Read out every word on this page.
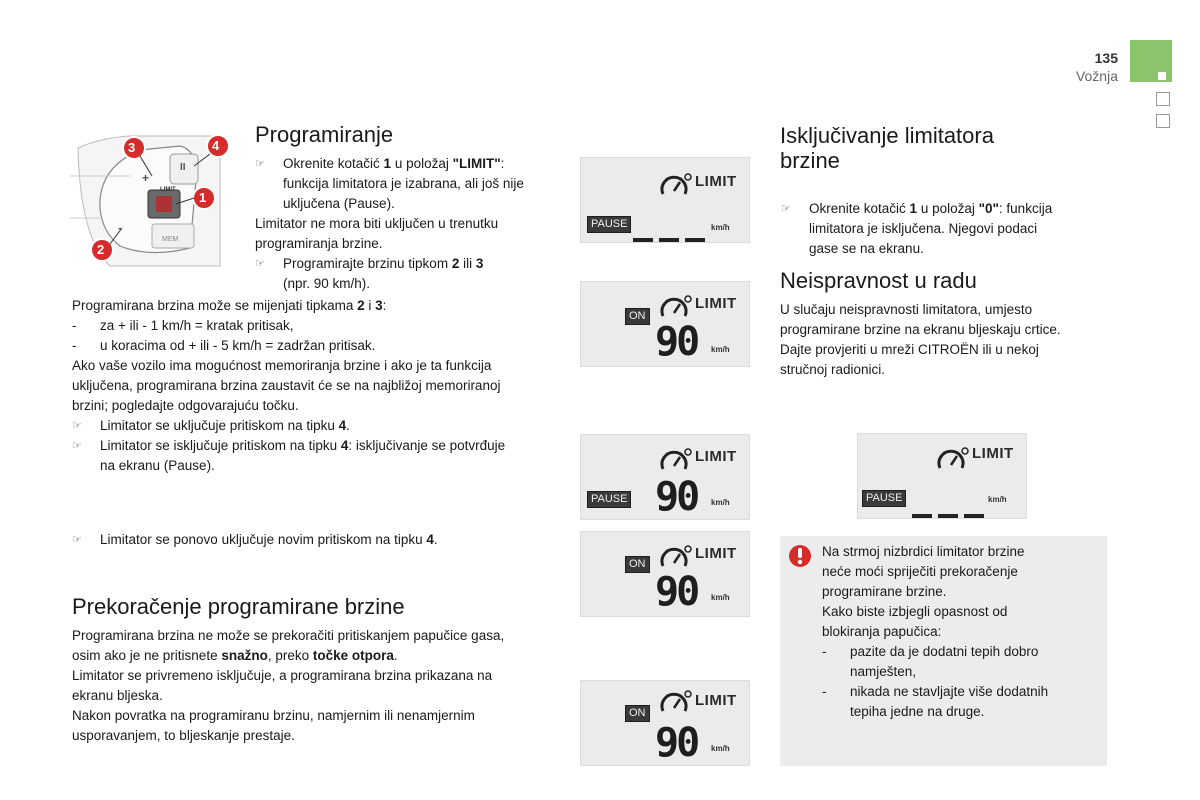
135
Vožnja
3	4
1
2
II
+
LIMIT
-
MEM
Programiranje
☞ Okrenite kotačić 1 u položaj "LIMIT":
funkcija limitatora je izabrana, ali još nije
uključena (Pause).
Limitator ne mora biti uključen u trenutku
programiranja brzine.
☞ Programirajte brzinu tipkom 2 ili 3
(npr. 90 km/h).
Programirana brzina može se mijenjati tipkama 2 i 3:
- za + ili - 1 km/h = kratak pritisak,
- u koracima od + ili - 5 km/h = zadržan pritisak.
Ako vaše vozilo ima mogućnost memoriranja brzine i ako je ta funkcija
uključena, programirana brzina zaustavit će se na najbližoj memoriranoj
brzini; pogledajte odgovarajuću točku.
☞ Limitator se uključuje pritiskom na tipku 4.
☞ Limitator se isključuje pritiskom na tipku 4: isključivanje se potvrđuje
na ekranu (Pause).
☞ Limitator se ponovo uključuje novim pritiskom na tipku 4.
Prekoračenje programirane brzine
Programirana brzina ne može se prekoračiti pritiskanjem papučice gasa,
osim ako je ne pritisnete snažno, preko točke otpora.
Limitator se privremeno isključuje, a programirana brzina prikazana na
ekranu bljeska.
Nakon povratka na programiranu brzinu, namjernim ili nenamjernim
usporavanjem, to bljeskanje prestaje.
LIMIT
PAUSE	km/h
LIMIT
ON
90 km/h
LIMIT
PAUSE 90 km/h
LIMIT
ON
90 km/h
LIMIT
ON
90 km/h
Isključivanje limitatora
brzine
☞ Okrenite kotačić 1 u položaj "0": funkcija
limitatora je isključena. Njegovi podaci
gase se na ekranu.
Neispravnost u radu
U slučaju neispravnosti limitatora, umjesto
programirane brzine na ekranu bljeskaju crtice.
Dajte provjeriti u mreži CITROËN ili u nekoj
stručnoj radionici.
LIMIT
PAUSE	km/h
Na strmoj nizbrdici limitator brzine
neće moći spriječiti prekoračenje
programirane brzine.
Kako biste izbjegli opasnost od
blokiranja papučica:
- pazite da je dodatni tepih dobro
namješten,
- nikada ne stavljajte više dodatnih
tepiha jedne na druge.
